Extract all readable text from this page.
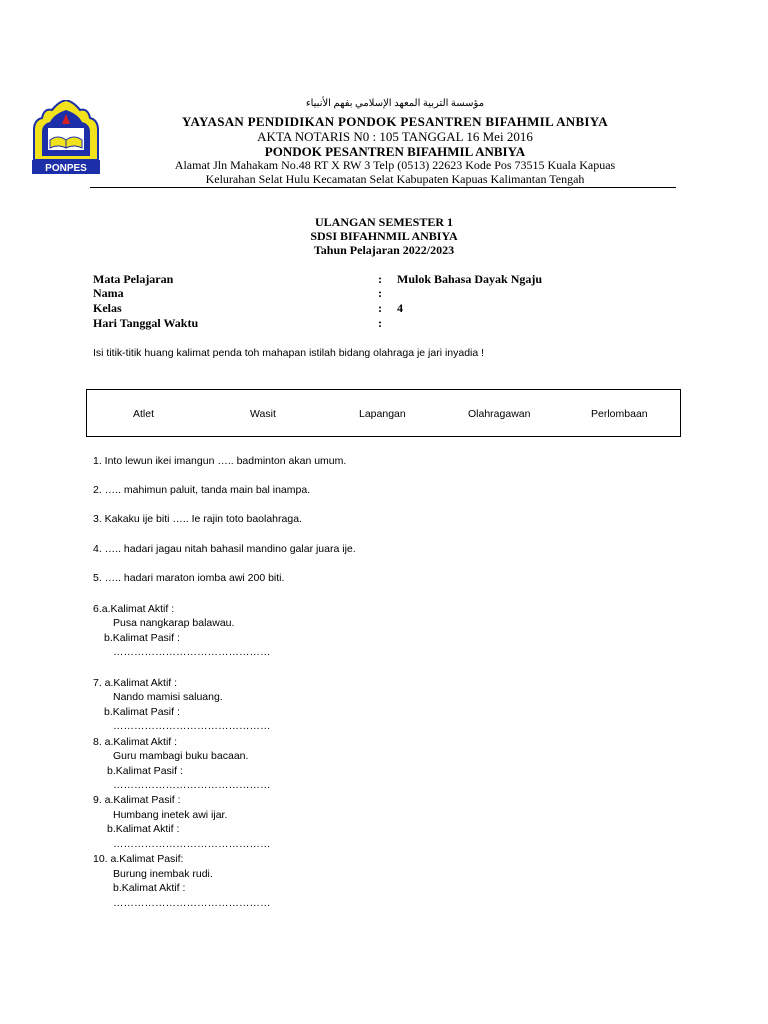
PONPES
مؤسسة التربية المعهد الإسلامي بفهم الأنبياء
YAYASAN PENDIDIKAN PONDOK PESANTREN BIFAHMIL ANBIYA
AKTA NOTARIS N0 : 105 TANGGAL 16 Mei 2016
PONDOK PESANTREN BIFAHMIL ANBIYA
Alamat Jln Mahakam No.48 RT X RW 3 Telp (0513) 22623 Kode Pos 73515 Kuala Kapuas
Kelurahan Selat Hulu Kecamatan Selat Kabupaten Kapuas Kalimantan Tengah
ULANGAN SEMESTER 1
SDSI BIFAHNMIL ANBIYA
Tahun Pelajaran 2022/2023
Mata Pelajaran	: Mulok Bahasa Dayak Ngaju
Nama	:
Kelas	: 4
Hari Tanggal Waktu	:
Isi titik-titik huang kalimat penda toh mahapan istilah bidang olahraga je jari inyadia !
Atlet	Wasit	Lapangan	Olahragawan	Perlombaan
1. Into lewun ikei imangun ….. badminton akan umum.
2. ….. mahimun paluit, tanda main bal inampa.
3. Kakaku ije biti ….. Ie rajin toto baolahraga.
4. ….. hadari jagau nitah bahasil mandino galar juara ije.
5. ….. hadari maraton iomba awi 200 biti.
6.a.Kalimat Aktif :
Pusa nangkarap balawau.
b.Kalimat Pasif :
………………………………………
7. a.Kalimat Aktif :
Nando mamisi saluang.
b.Kalimat Pasif :
………………………………………
8. a.Kalimat Aktif :
Guru mambagi buku bacaan.
b.Kalimat Pasif :
………………………………………
9. a.Kalimat Pasif :
Humbang inetek awi ijar.
b.Kalimat Aktif :
………………………………………
10. a.Kalimat Pasif:
Burung inembak rudi.
b.Kalimat Aktif :
………………………………………
